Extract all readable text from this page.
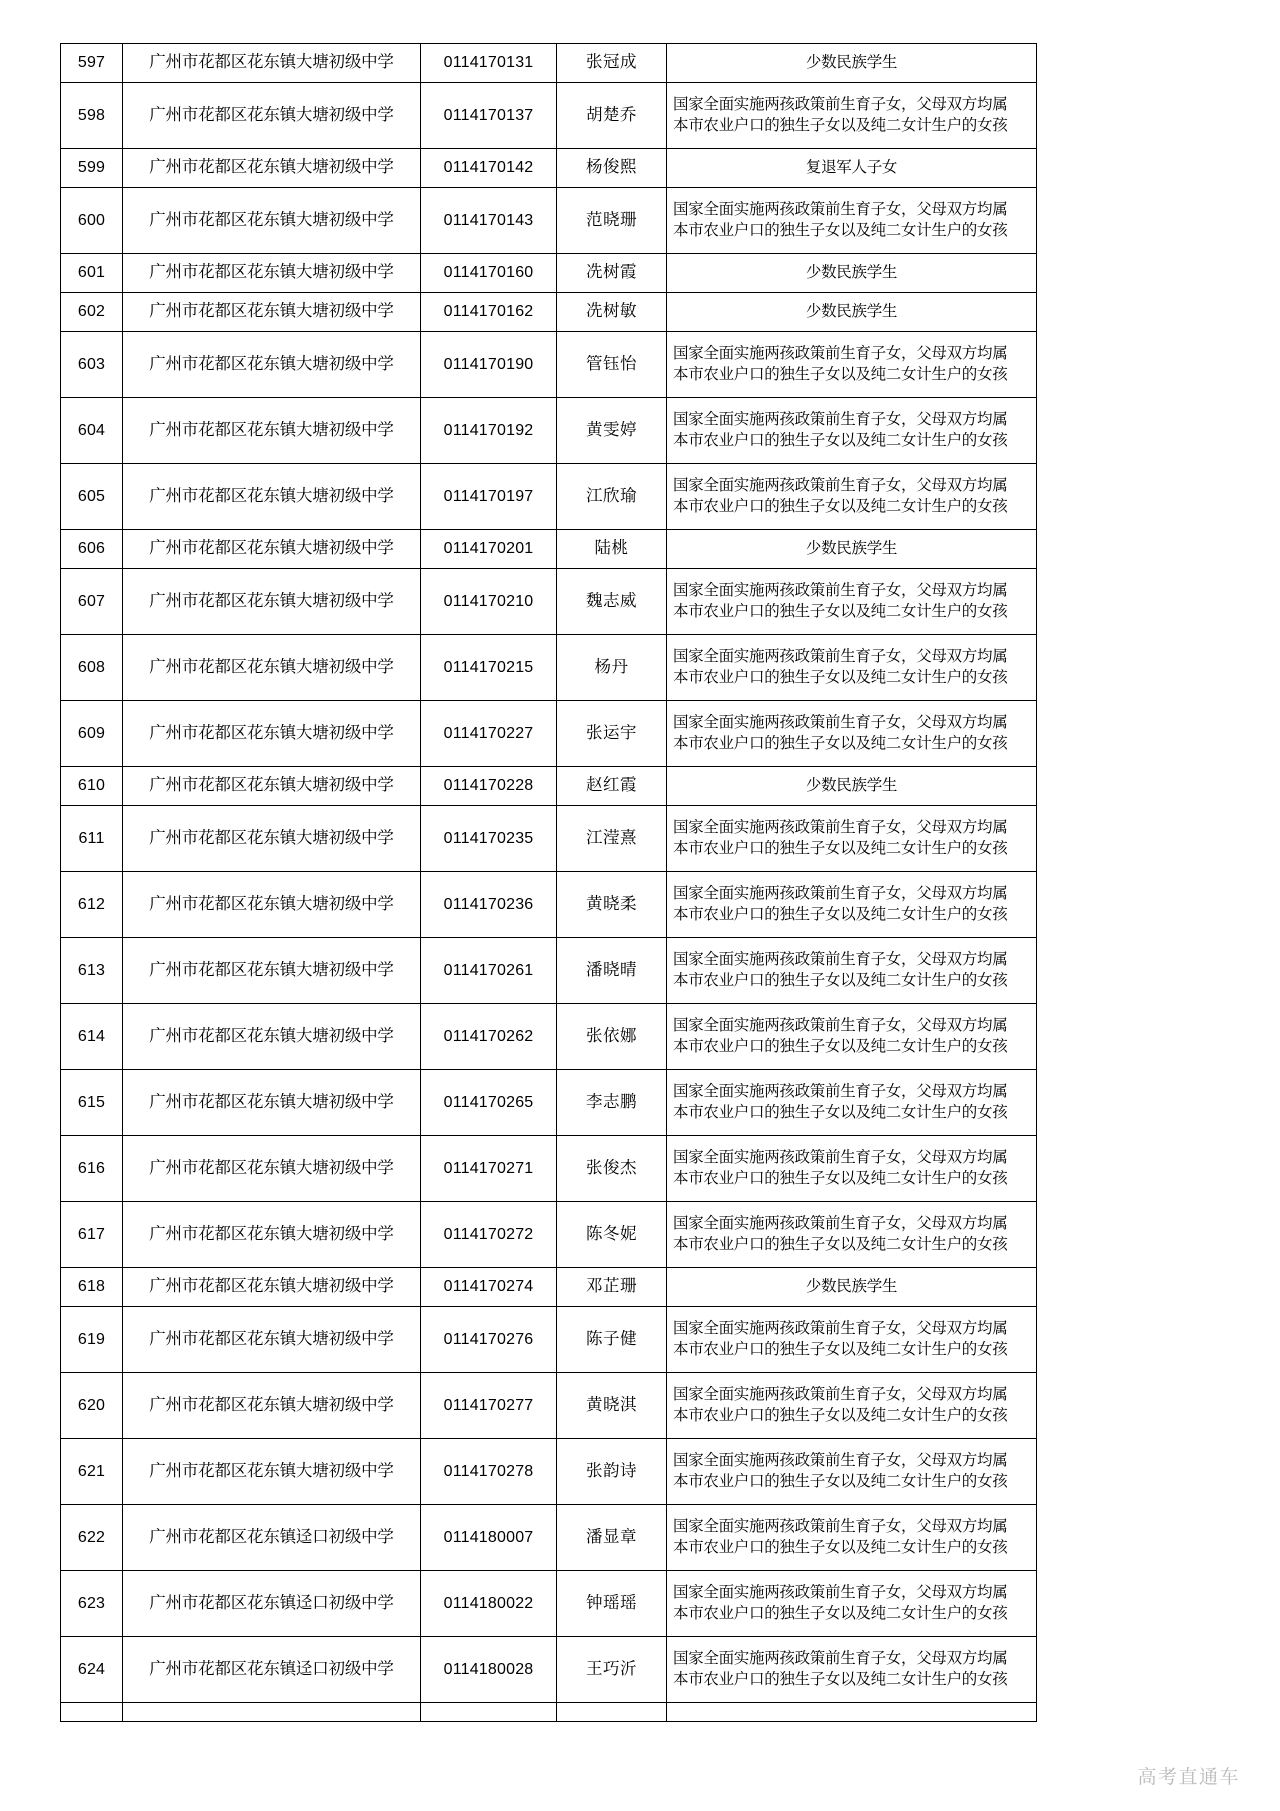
597	广州市花都区花东镇大塘初级中学	0114170131	张冠成	少数民族学生
598	广州市花都区花东镇大塘初级中学	0114170137	胡楚乔	国家全面实施两孩政策前生育子女，父母双方均属
本市农业户口的独生子女以及纯二女计生户的女孩

599	广州市花都区花东镇大塘初级中学	0114170142	杨俊熙	复退军人子女
600	广州市花都区花东镇大塘初级中学	0114170143	范晓珊	国家全面实施两孩政策前生育子女，父母双方均属
本市农业户口的独生子女以及纯二女计生户的女孩

601	广州市花都区花东镇大塘初级中学	0114170160	冼树霞	少数民族学生
602	广州市花都区花东镇大塘初级中学	0114170162	冼树敏	少数民族学生
603	广州市花都区花东镇大塘初级中学	0114170190	管钰怡	国家全面实施两孩政策前生育子女，父母双方均属
本市农业户口的独生子女以及纯二女计生户的女孩

604	广州市花都区花东镇大塘初级中学	0114170192	黄雯婷	国家全面实施两孩政策前生育子女，父母双方均属
本市农业户口的独生子女以及纯二女计生户的女孩

605	广州市花都区花东镇大塘初级中学	0114170197	江欣瑜	国家全面实施两孩政策前生育子女，父母双方均属
本市农业户口的独生子女以及纯二女计生户的女孩

606	广州市花都区花东镇大塘初级中学	0114170201	陆桃	少数民族学生
607	广州市花都区花东镇大塘初级中学	0114170210	魏志威	国家全面实施两孩政策前生育子女，父母双方均属
本市农业户口的独生子女以及纯二女计生户的女孩

608	广州市花都区花东镇大塘初级中学	0114170215	杨丹	国家全面实施两孩政策前生育子女，父母双方均属
本市农业户口的独生子女以及纯二女计生户的女孩

609	广州市花都区花东镇大塘初级中学	0114170227	张运宇	国家全面实施两孩政策前生育子女，父母双方均属
本市农业户口的独生子女以及纯二女计生户的女孩

610	广州市花都区花东镇大塘初级中学	0114170228	赵红霞	少数民族学生
611	广州市花都区花东镇大塘初级中学	0114170235	江滢熹	国家全面实施两孩政策前生育子女，父母双方均属
本市农业户口的独生子女以及纯二女计生户的女孩

612	广州市花都区花东镇大塘初级中学	0114170236	黄晓柔	国家全面实施两孩政策前生育子女，父母双方均属
本市农业户口的独生子女以及纯二女计生户的女孩

613	广州市花都区花东镇大塘初级中学	0114170261	潘晓晴	国家全面实施两孩政策前生育子女，父母双方均属
本市农业户口的独生子女以及纯二女计生户的女孩

614	广州市花都区花东镇大塘初级中学	0114170262	张依娜	国家全面实施两孩政策前生育子女，父母双方均属
本市农业户口的独生子女以及纯二女计生户的女孩

615	广州市花都区花东镇大塘初级中学	0114170265	李志鹏	国家全面实施两孩政策前生育子女，父母双方均属
本市农业户口的独生子女以及纯二女计生户的女孩

616	广州市花都区花东镇大塘初级中学	0114170271	张俊杰	国家全面实施两孩政策前生育子女，父母双方均属
本市农业户口的独生子女以及纯二女计生户的女孩

617	广州市花都区花东镇大塘初级中学	0114170272	陈冬妮	国家全面实施两孩政策前生育子女，父母双方均属
本市农业户口的独生子女以及纯二女计生户的女孩

618	广州市花都区花东镇大塘初级中学	0114170274	邓芷珊	少数民族学生
619	广州市花都区花东镇大塘初级中学	0114170276	陈子健	国家全面实施两孩政策前生育子女，父母双方均属
本市农业户口的独生子女以及纯二女计生户的女孩

620	广州市花都区花东镇大塘初级中学	0114170277	黄晓淇	国家全面实施两孩政策前生育子女，父母双方均属
本市农业户口的独生子女以及纯二女计生户的女孩

621	广州市花都区花东镇大塘初级中学	0114170278	张韵诗	国家全面实施两孩政策前生育子女，父母双方均属
本市农业户口的独生子女以及纯二女计生户的女孩

622	广州市花都区花东镇迳口初级中学	0114180007	潘显章	国家全面实施两孩政策前生育子女，父母双方均属
本市农业户口的独生子女以及纯二女计生户的女孩

623	广州市花都区花东镇迳口初级中学	0114180022	钟瑶瑶	国家全面实施两孩政策前生育子女，父母双方均属
本市农业户口的独生子女以及纯二女计生户的女孩

624	广州市花都区花东镇迳口初级中学	0114180028	王巧沂	国家全面实施两孩政策前生育子女，父母双方均属
本市农业户口的独生子女以及纯二女计生户的女孩

高考直通车
